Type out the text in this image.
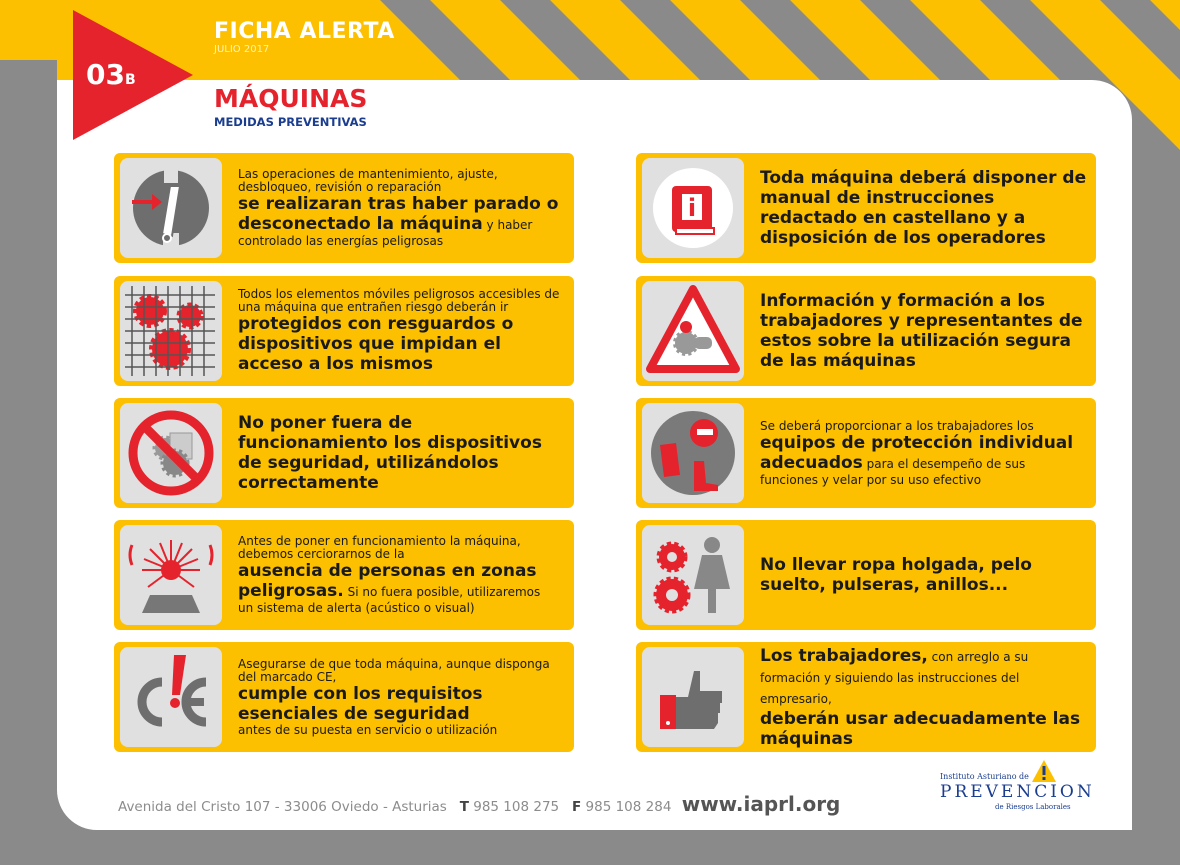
03B
FICHA ALERTA
JULIO 2017
MÁQUINAS
MEDIDAS PREVENTIVAS
Las operaciones de mantenimiento, ajuste, desbloqueo, revisión o reparación
se realizaran tras haber parado o desconectado la máquina y haber
controlado las energías peligrosas
Todos los elementos móviles peligrosos accesibles de una máquina que entrañen riesgo deberán ir
protegidos con resguardos o dispositivos que impidan el acceso a los mismos
No poner fuera de funcionamiento los dispositivos de seguridad, utilizándolos correctamente
Antes de poner en funcionamiento la máquina, debemos cerciorarnos de la
ausencia de personas en zonas peligrosas. Si no fuera posible, utilizaremos
un sistema de alerta (acústico o visual)
Asegurarse de que toda máquina, aunque disponga del marcado CE,
cumple con los requisitos esenciales de seguridad
antes de su puesta en servicio o utilización
i
Toda máquina deberá disponer de manual de instrucciones redactado en castellano y a disposición de los operadores
Información y formación a los trabajadores y representantes de estos sobre la utilización segura de las máquinas
Se deberá proporcionar a los trabajadores los
equipos de protección individual adecuados para el desempeño de sus
funciones y velar por su uso efectivo
No llevar ropa holgada, pelo suelto, pulseras, anillos...
Los trabajadores, con arreglo a su formación y siguiendo las instrucciones del empresario,
deberán usar adecuadamente las máquinas
Avenida del Cristo 107 - 33006 Oviedo - Asturias T 985 108 275 F 985 108 284 www.iaprl.org
Instituto Asturiano de
PREVENCION
de Riesgos Laborales
